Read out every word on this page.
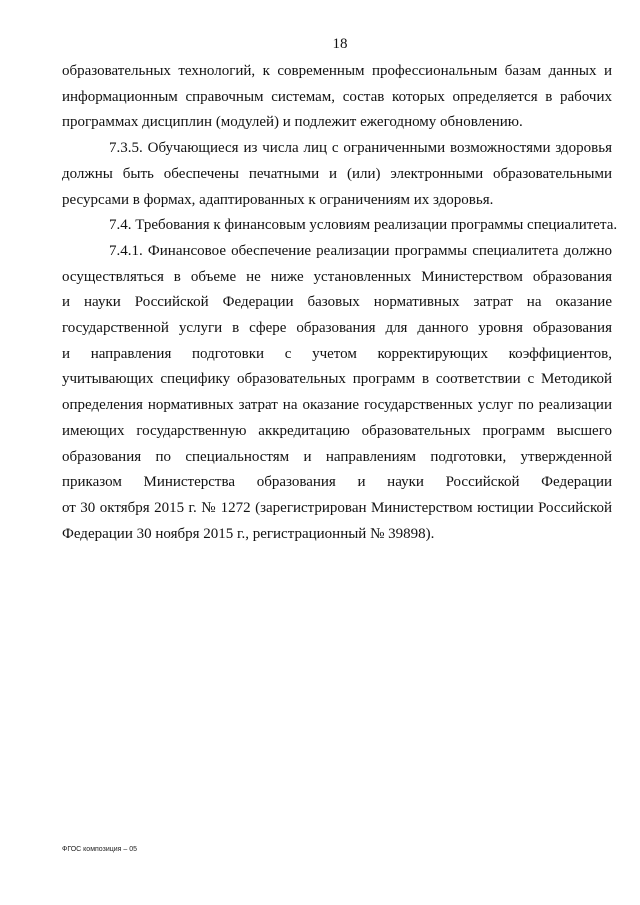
18

образовательных технологий, к современным профессиональным базам данных и
информационным справочным системам, состав которых определяется в рабочих
программах дисциплин (модулей) и подлежит ежегодному обновлению.

7.3.5. Обучающиеся из числа лиц с ограниченными возможностями здоровья
должны быть обеспечены печатными и (или) электронными образовательными
ресурсами в формах, адаптированных к ограничениям их здоровья.

7.4. Требования к финансовым условиям реализации программы специалитета.

7.4.1. Финансовое обеспечение реализации программы специалитета должно
осуществляться в объеме не ниже установленных Министерством образования
и науки Российской Федерации базовых нормативных затрат на оказание
государственной услуги в сфере образования для данного уровня образования
и направления подготовки с учетом корректирующих коэффициентов,
учитывающих специфику образовательных программ в соответствии с Методикой
определения нормативных затрат на оказание государственных услуг по реализации
имеющих государственную аккредитацию образовательных программ высшего
образования по специальностям и направлениям подготовки, утвержденной
приказом Министерства образования и науки Российской Федерации
от 30 октября 2015 г. № 1272 (зарегистрирован Министерством юстиции Российской
Федерации 30 ноября 2015 г., регистрационный № 39898).

ФГОС композиция – 05
